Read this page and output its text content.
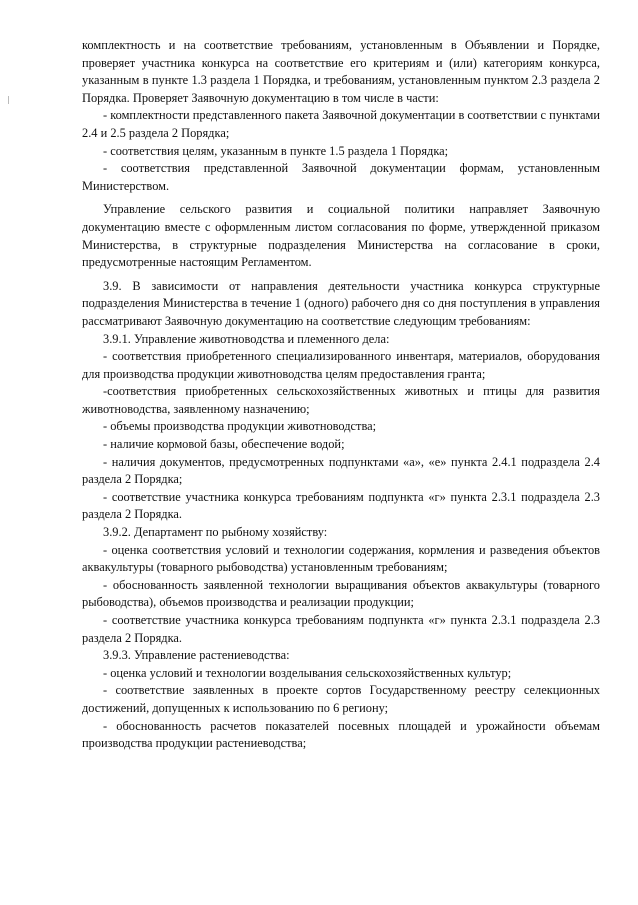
комплектность и на соответствие требованиям, установленным в Объявлении и Порядке, проверяет участника конкурса на соответствие его критериям и (или) категориям конкурса, указанным в пункте 1.3 раздела 1 Порядка, и требованиям, установленным пунктом 2.3 раздела 2 Порядка. Проверяет Заявочную документацию в том числе в части:

- комплектности представленного пакета Заявочной документации в соответствии с пунктами 2.4 и 2.5 раздела 2 Порядка;

- соответствия целям, указанным в пункте 1.5 раздела 1 Порядка;

- соответствия представленной Заявочной документации формам, установленным Министерством.

Управление сельского развития и социальной политики направляет Заявочную документацию вместе с оформленным листом согласования по форме, утвержденной приказом Министерства, в структурные подразделения Министерства на согласование в сроки, предусмотренные настоящим Регламентом.

3.9. В зависимости от направления деятельности участника конкурса структурные подразделения Министерства в течение 1 (одного) рабочего дня со дня поступления в управления рассматривают Заявочную документацию на соответствие следующим требованиям:

3.9.1. Управление животноводства и племенного дела:

- соответствия приобретенного специализированного инвентаря, материалов, оборудования для производства продукции животноводства целям предоставления гранта;

-соответствия приобретенных сельскохозяйственных животных и птицы для развития животноводства, заявленному назначению;

- объемы производства продукции животноводства;

- наличие кормовой базы, обеспечение водой;

- наличия документов, предусмотренных подпунктами «а», «е» пункта 2.4.1 подраздела 2.4 раздела 2 Порядка;

- соответствие участника конкурса требованиям подпункта «г» пункта 2.3.1 подраздела 2.3 раздела 2 Порядка.

3.9.2. Департамент по рыбному хозяйству:

- оценка соответствия условий и технологии содержания, кормления и разведения объектов аквакультуры (товарного рыбоводства) установленным требованиям;

- обоснованность заявленной технологии выращивания объектов аквакультуры (товарного рыбоводства), объемов производства и реализации продукции;

- соответствие участника конкурса требованиям подпункта «г» пункта 2.3.1 подраздела 2.3 раздела 2 Порядка.

3.9.3. Управление растениеводства:

- оценка условий и технологии возделывания сельскохозяйственных культур;

- соответствие заявленных в проекте сортов Государственному реестру селекционных достижений, допущенных к использованию по 6 региону;

- обоснованность расчетов показателей посевных площадей и урожайности объемам производства продукции растениеводства;
